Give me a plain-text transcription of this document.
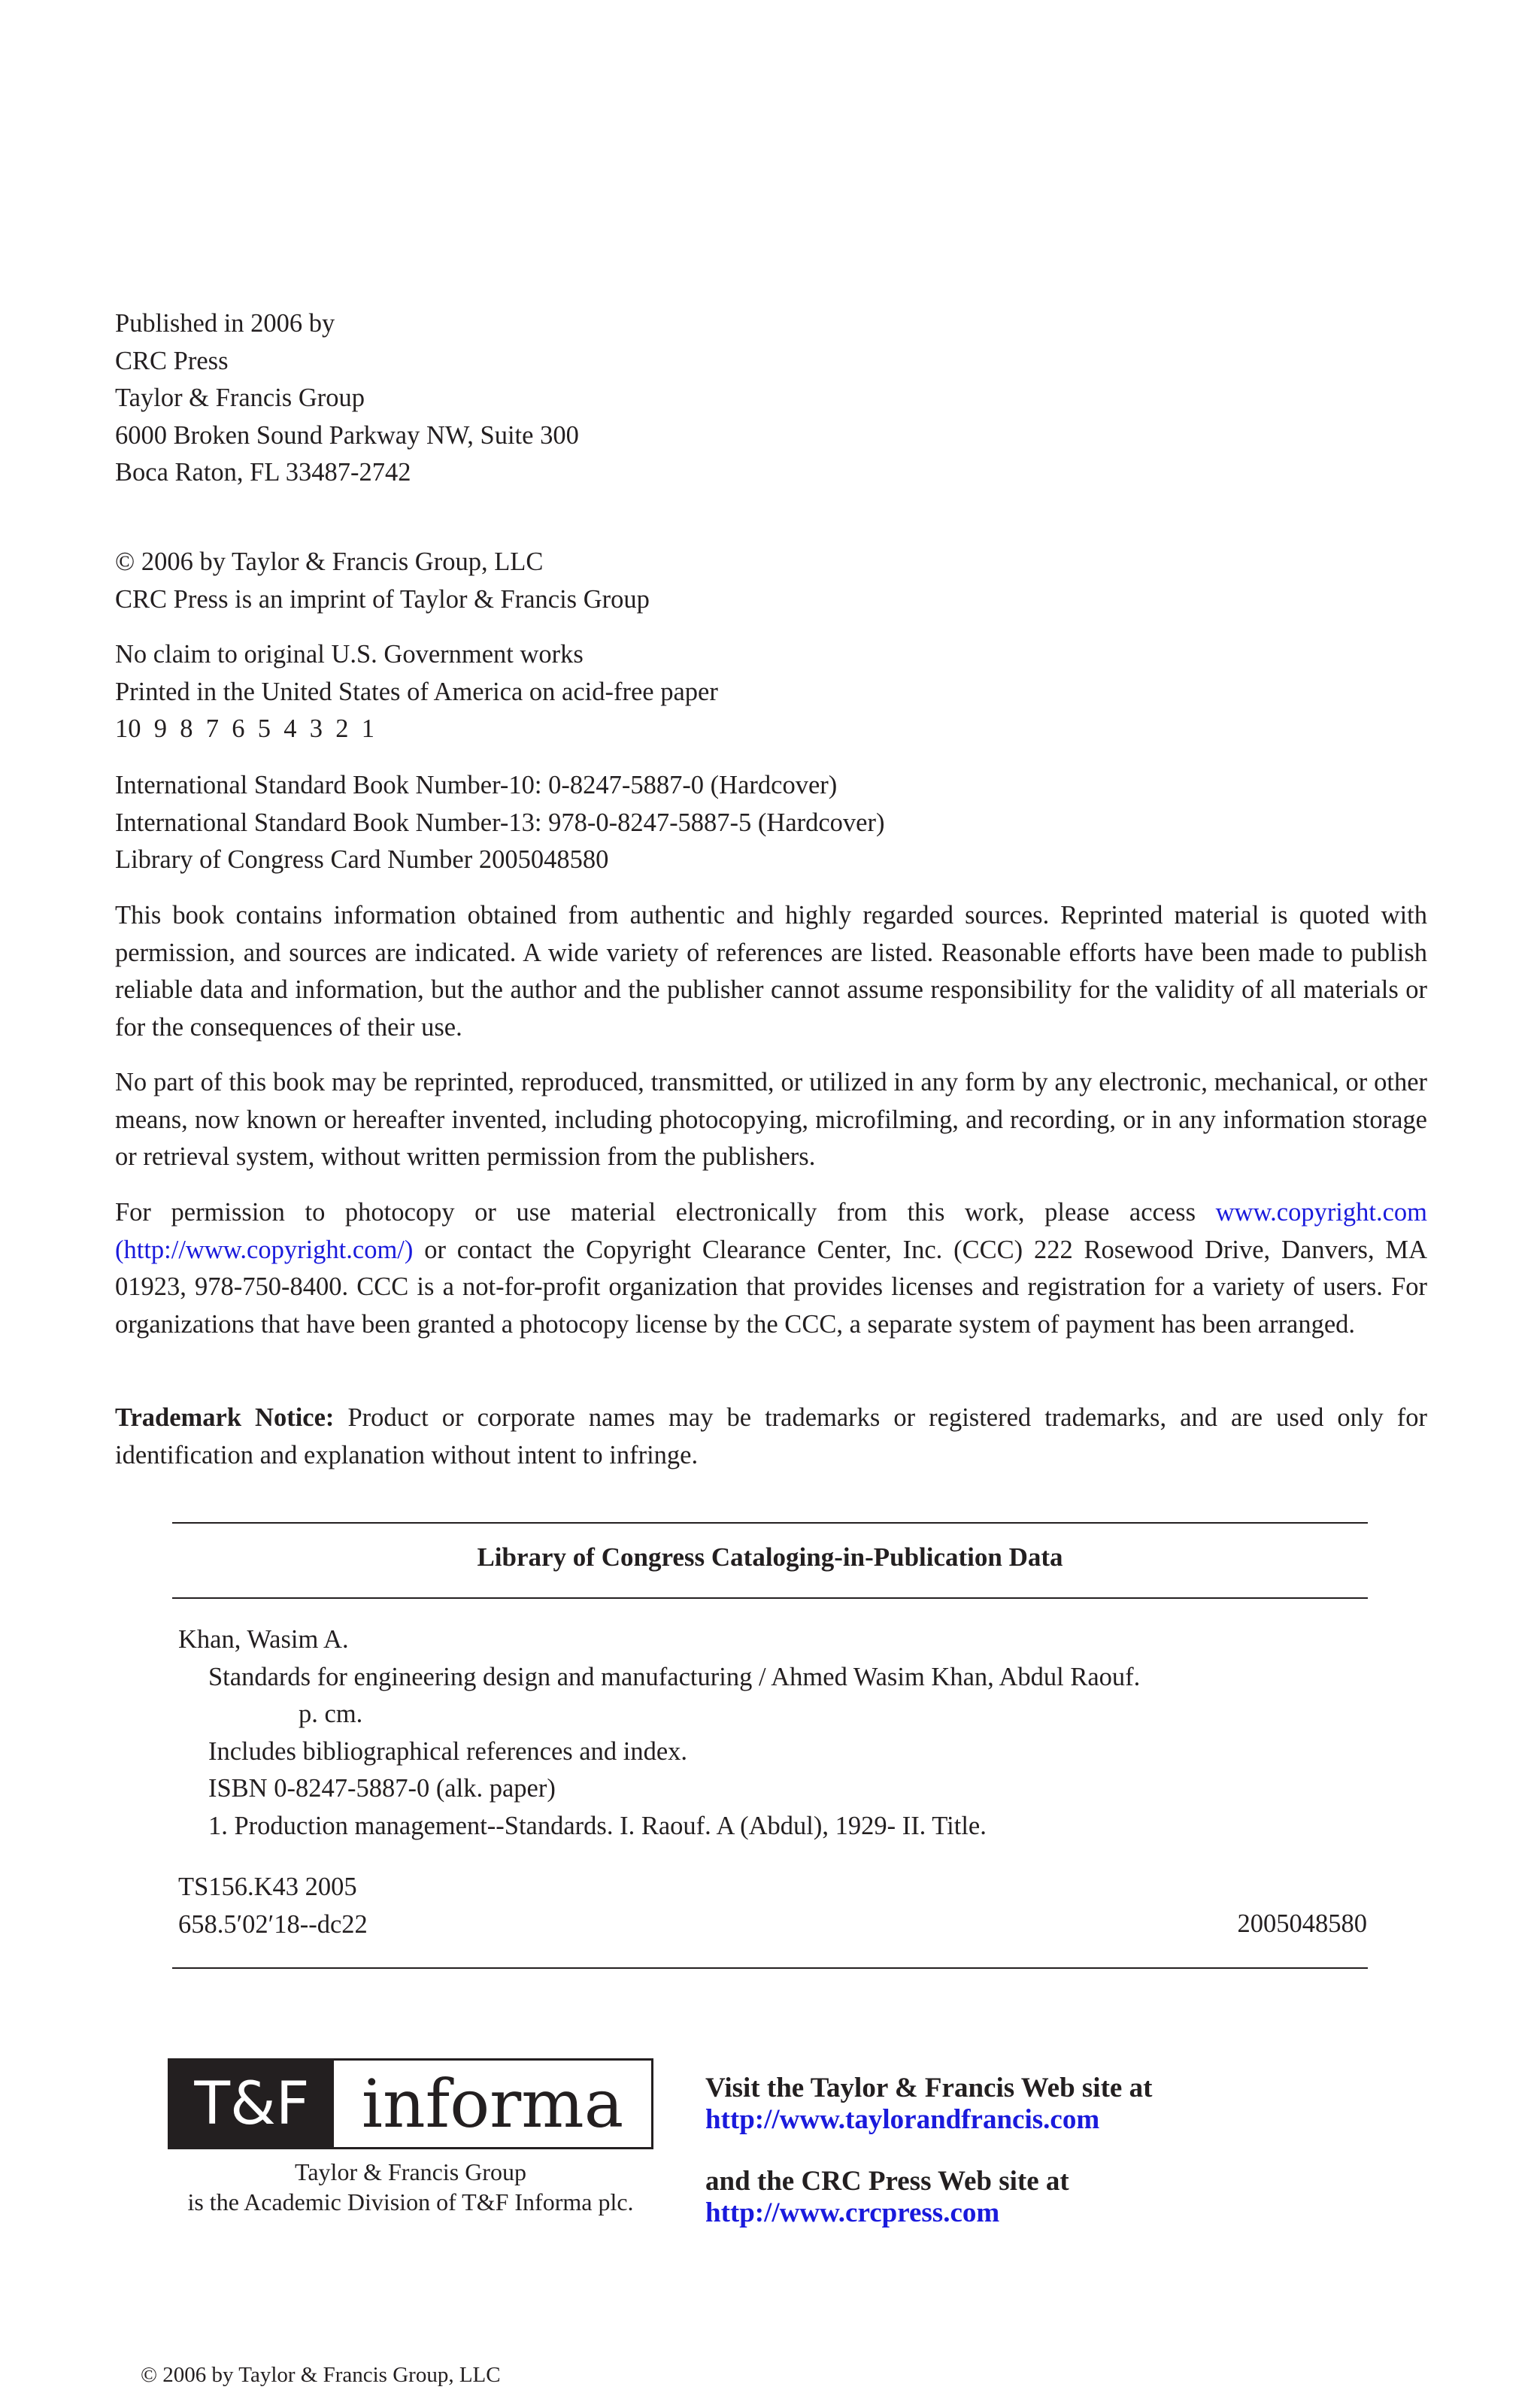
Published in 2006 by
CRC Press
Taylor & Francis Group
6000 Broken Sound Parkway NW, Suite 300
Boca Raton, FL 33487-2742
© 2006 by Taylor & Francis Group, LLC
CRC Press is an imprint of Taylor & Francis Group
No claim to original U.S. Government works
Printed in the United States of America on acid-free paper
10  9  8  7  6  5  4  3  2  1
International Standard Book Number-10: 0-8247-5887-0 (Hardcover)
International Standard Book Number-13: 978-0-8247-5887-5 (Hardcover)
Library of Congress Card Number 2005048580
This book contains information obtained from authentic and highly regarded sources. Reprinted material is quoted with permission, and sources are indicated. A wide variety of references are listed. Reasonable efforts have been made to publish reliable data and information, but the author and the publisher cannot assume responsibility for the validity of all materials or for the consequences of their use.
No part of this book may be reprinted, reproduced, transmitted, or utilized in any form by any electronic, mechanical, or other means, now known or hereafter invented, including photocopying, microfilming, and recording, or in any information storage or retrieval system, without written permission from the publishers.
For permission to photocopy or use material electronically from this work, please access www.copyright.com (http://www.copyright.com/) or contact the Copyright Clearance Center, Inc. (CCC) 222 Rosewood Drive, Danvers, MA 01923, 978-750-8400. CCC is a not-for-profit organization that provides licenses and registration for a variety of users. For organizations that have been granted a photocopy license by the CCC, a separate system of payment has been arranged.
Trademark Notice: Product or corporate names may be trademarks or registered trademarks, and are used only for identification and explanation without intent to infringe.
Library of Congress Cataloging-in-Publication Data
Khan, Wasim A.
Standards for engineering design and manufacturing / Ahmed Wasim Khan, Abdul Raouf.
p. cm.
Includes bibliographical references and index.
ISBN 0-8247-5887-0 (alk. paper)
1. Production management--Standards. I. Raouf. A (Abdul), 1929- II. Title.
TS156.K43 2005
658.5′02′18--dc22	2005048580
T&F informa
Taylor & Francis Group
is the Academic Division of T&F Informa plc.
Visit the Taylor & Francis Web site at
http://www.taylorandfrancis.com
and the CRC Press Web site at
http://www.crcpress.com
© 2006 by Taylor & Francis Group, LLC
